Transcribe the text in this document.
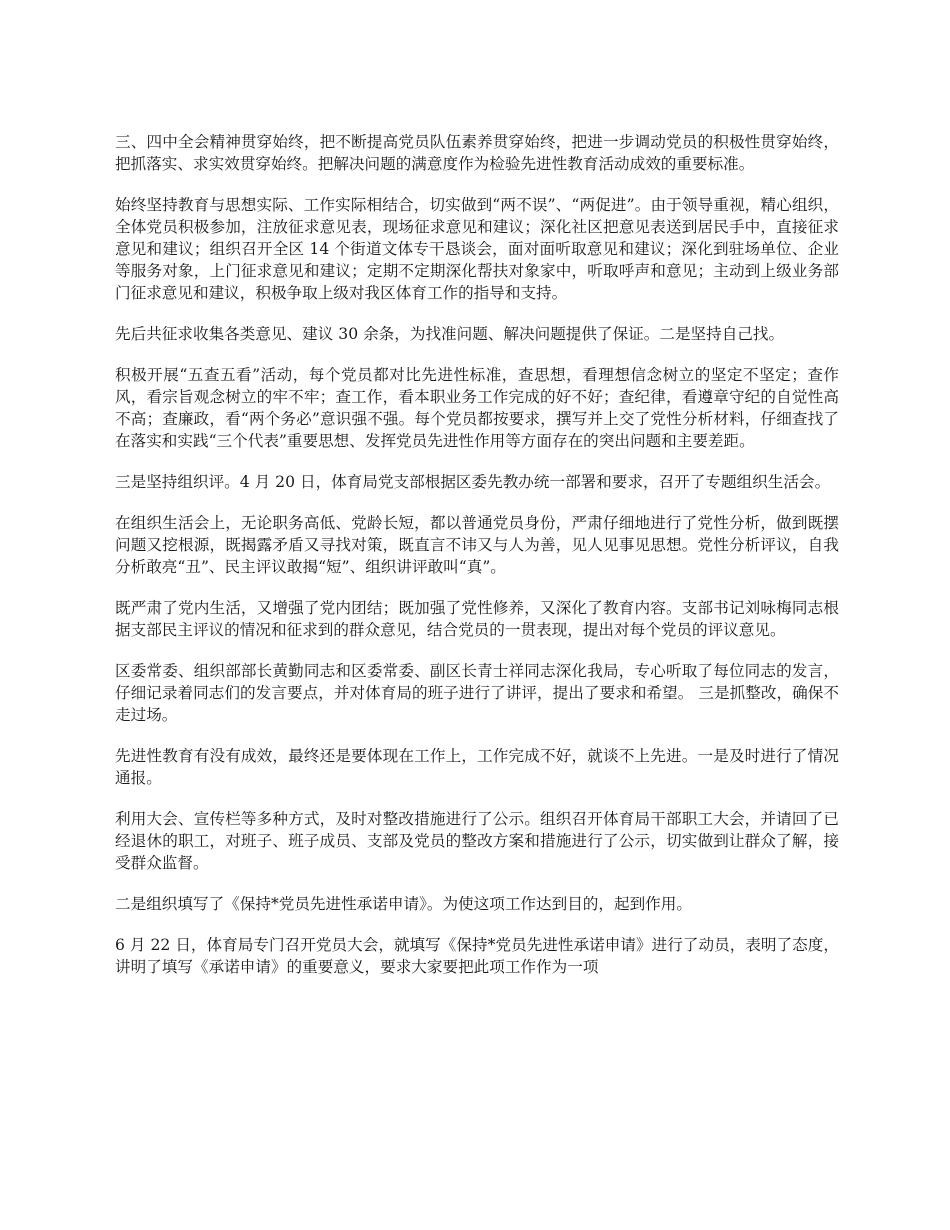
三、四中全会精神贯穿始终，把不断提高党员队伍素养贯穿始终，把进一步调动党员的积极性贯穿始终，把抓落实、求实效贯穿始终。把解决问题的满意度作为检验先进性教育活动成效的重要标准。

始终坚持教育与思想实际、工作实际相结合，切实做到“两不误”、“两促进”。由于领导重视，精心组织，全体党员积极参加，注放征求意见表，现场征求意见和建议；深化社区把意见表送到居民手中，直接征求意见和建议；组织召开全区 14 个街道文体专干恳谈会，面对面听取意见和建议；深化到驻场单位、企业等服务对象，上门征求意见和建议；定期不定期深化帮扶对象家中，听取呼声和意见；主动到上级业务部门征求意见和建议，积极争取上级对我区体育工作的指导和支持。

先后共征求收集各类意见、建议 30 余条，为找准问题、解决问题提供了保证。二是坚持自己找。

积极开展“五查五看”活动，每个党员都对比先进性标准，查思想，看理想信念树立的坚定不坚定；查作风，看宗旨观念树立的牢不牢；查工作，看本职业务工作完成的好不好；查纪律，看遵章守纪的自觉性高不高；查廉政，看“两个务必”意识强不强。每个党员都按要求，撰写并上交了党性分析材料，仔细查找了在落实和实践“三个代表”重要思想、发挥党员先进性作用等方面存在的突出问题和主要差距。

三是坚持组织评。4 月 20 日，体育局党支部根据区委先教办统一部署和要求，召开了专题组织生活会。

在组织生活会上，无论职务高低、党龄长短，都以普通党员身份，严肃仔细地进行了党性分析，做到既摆问题又挖根源，既揭露矛盾又寻找对策，既直言不讳又与人为善，见人见事见思想。党性分析评议，自我分析敢亮“丑”、民主评议敢揭“短”、组织讲评敢叫“真”。

既严肃了党内生活，又增强了党内团结；既加强了党性修养，又深化了教育内容。支部书记刘咏梅同志根据支部民主评议的情况和征求到的群众意见，结合党员的一贯表现，提出对每个党员的评议意见。

区委常委、组织部部长黄勤同志和区委常委、副区长青士祥同志深化我局，专心听取了每位同志的发言，仔细记录着同志们的发言要点，并对体育局的班子进行了讲评，提出了要求和希望。 三是抓整改，确保不走过场。

先进性教育有没有成效，最终还是要体现在工作上，工作完成不好，就谈不上先进。一是及时进行了情况通报。

利用大会、宣传栏等多种方式，及时对整改措施进行了公示。组织召开体育局干部职工大会，并请回了已经退休的职工，对班子、班子成员、支部及党员的整改方案和措施进行了公示，切实做到让群众了解，接受群众监督。

二是组织填写了《保持*党员先进性承诺申请》。为使这项工作达到目的，起到作用。

6 月 22 日，体育局专门召开党员大会，就填写《保持*党员先进性承诺申请》进行了动员，表明了态度，讲明了填写《承诺申请》的重要意义，要求大家要把此项工作作为一项
